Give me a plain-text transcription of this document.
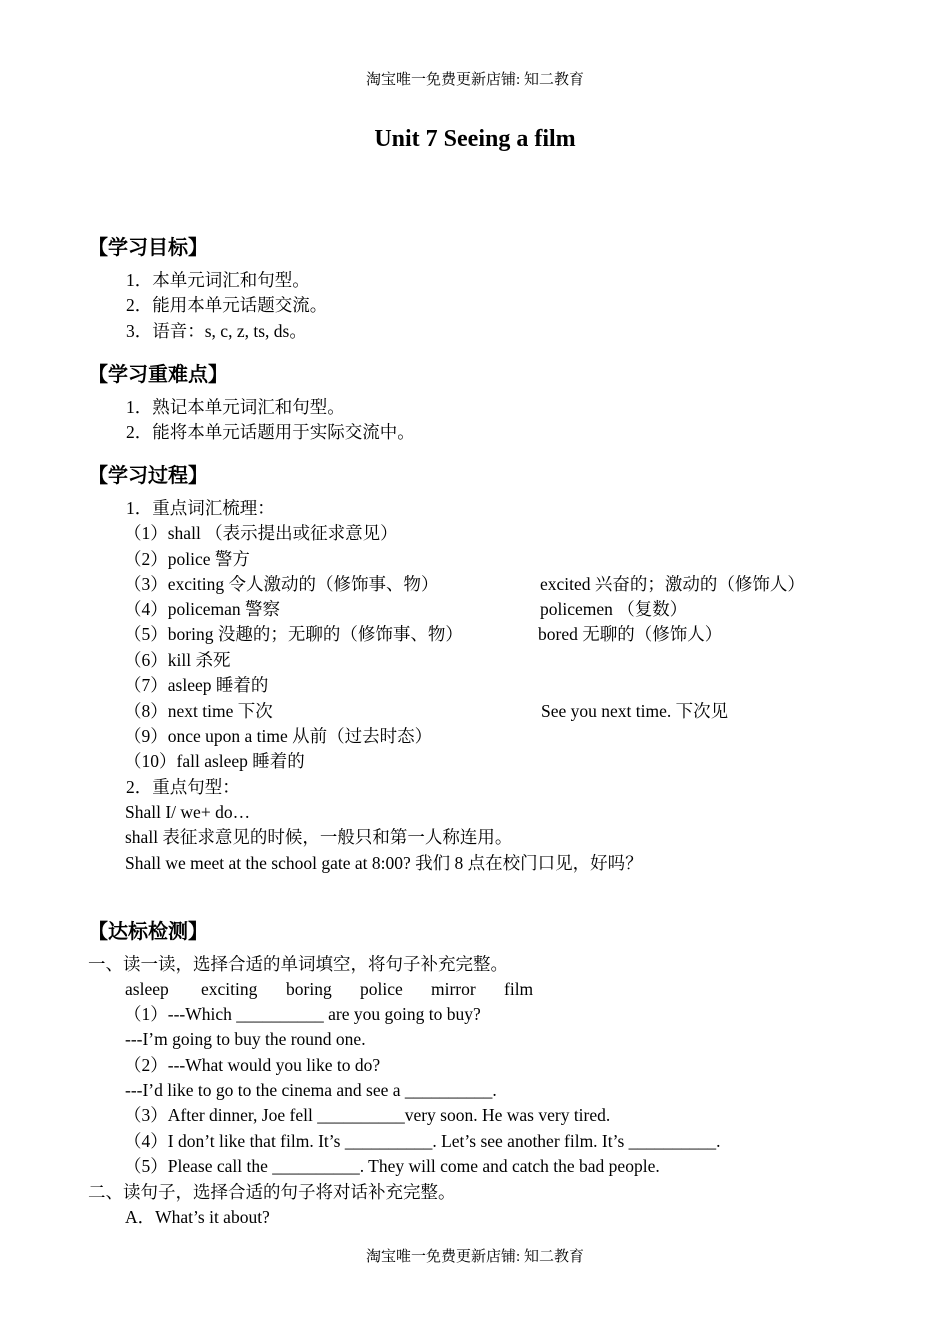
淘宝唯一免费更新店铺: 知二教育
Unit 7 Seeing a film
【学习目标】
1．本单元词汇和句型。
2．能用本单元话题交流。
3．语音：s, c, z, ts, ds。
【学习重难点】
1．熟记本单元词汇和句型。
2．能将本单元话题用于实际交流中。
【学习过程】
1．重点词汇梳理：
（1）shall （表示提出或征求意见）
（2）police 警方
（3）exciting 令人激动的（修饰事、物）	excited 兴奋的；激动的（修饰人）
（4）policeman 警察	policemen （复数）
（5）boring 没趣的；无聊的（修饰事、物）	bored 无聊的（修饰人）
（6）kill 杀死
（7）asleep 睡着的
（8）next time 下次	See you next time. 下次见
（9）once upon a time 从前（过去时态）
（10）fall asleep 睡着的
2．重点句型：
Shall I/ we+ do…
shall 表征求意见的时候，一般只和第一人称连用。
Shall we meet at the school gate at 8:00? 我们 8 点在校门口见，好吗？
【达标检测】
一、读一读，选择合适的单词填空，将句子补充完整。
asleep exciting boring police mirror film
（1）---Which __________ are you going to buy?
---I’m going to buy the round one.
（2）---What would you like to do?
---I’d like to go to the cinema and see a __________.
（3）After dinner, Joe fell __________very soon. He was very tired.
（4）I don’t like that film. It’s __________. Let’s see another film. It’s __________.
（5）Please call the __________. They will come and catch the bad people.
二、读句子，选择合适的句子将对话补充完整。
A．What’s it about?
淘宝唯一免费更新店铺: 知二教育
